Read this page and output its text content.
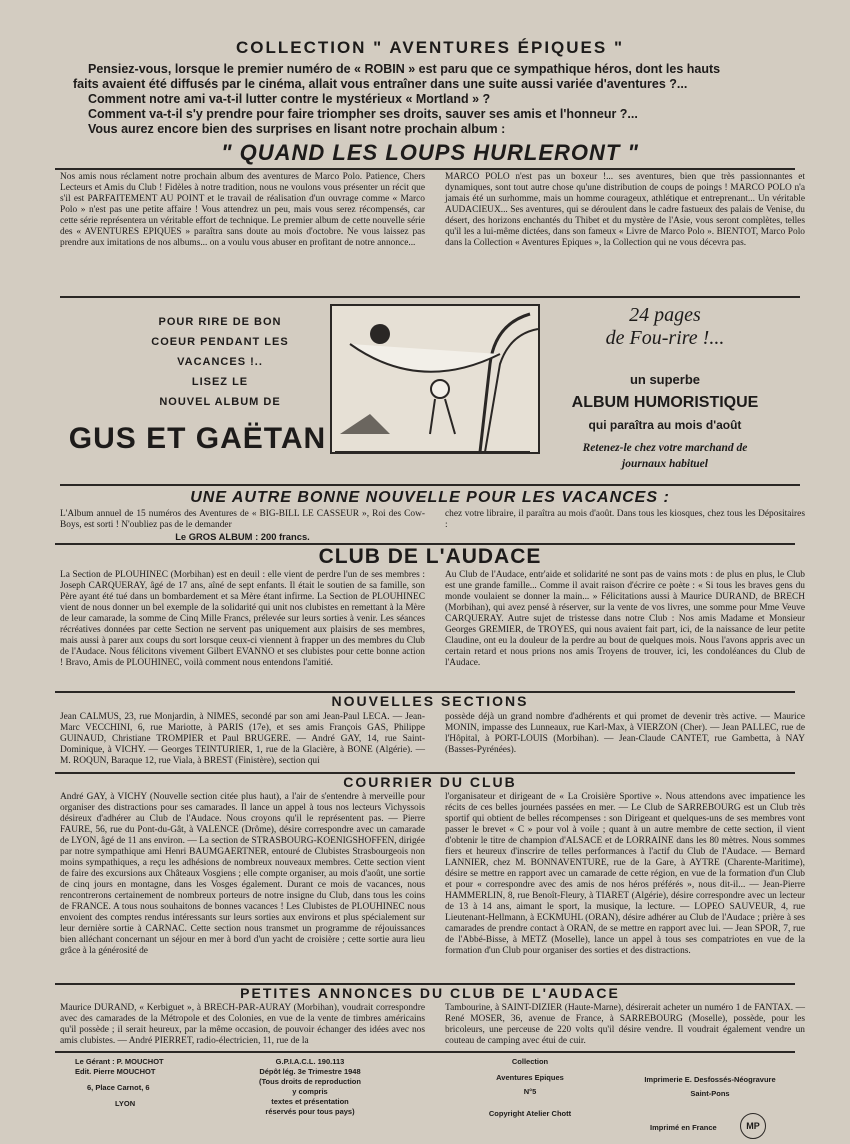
COLLECTION " AVENTURES ÉPIQUES "
Pensiez-vous, lorsque le premier numéro de « ROBIN » est paru que ce sympathique héros, dont les hauts
faits avaient été diffusés par le cinéma, allait vous entraîner dans une suite aussi variée d'aventures ?...
Comment notre ami va-t-il lutter contre le mystérieux « Mortland » ?
Comment va-t-il s'y prendre pour faire triompher ses droits, sauver ses amis et l'honneur ?...
Vous aurez encore bien des surprises en lisant notre prochain album :
" QUAND LES LOUPS HURLERONT "
Nos amis nous réclament notre prochain album des aventures de Marco Polo. Patience, Chers Lecteurs et Amis du Club ! Fidèles à notre tradition, nous ne voulons vous présenter un récit que s'il est PARFAITEMENT AU POINT et le travail de réalisation d'un ouvrage comme « Marco Polo » n'est pas une petite affaire ! Vous attendrez un peu, mais vous serez récompensés, car cette série représentera un véritable effort de technique. Le premier album de cette nouvelle série des « AVENTURES EPIQUES » paraîtra sans doute au mois d'octobre. Ne vous laissez pas prendre aux imitations de nos albums... on a voulu vous abuser en profitant de notre annonce...
MARCO POLO n'est pas un boxeur !... ses aventures, bien que très passionnantes et dynamiques, sont tout autre chose qu'une distribution de coups de poings ! MARCO POLO n'a jamais été un surhomme, mais un homme courageux, athlétique et entreprenant... Un véritable AUDACIEUX... Ses aventures, qui se déroulent dans le cadre fastueux des palais de Venise, du désert, des horizons enchantés du Thibet et du mystère de l'Asie, vous seront complètes, telles qu'il les a lui-même dictées, dans son fameux « Livre de Marco Polo ». BIENTOT, Marco Polo dans la Collection « Aventures Epiques », la Collection qui ne vous décevra pas.
POUR RIRE DE BON
COEUR PENDANT LES
VACANCES !..
LISEZ LE
NOUVEL ALBUM DE
GUS ET GAËTAN
24 pages
de Fou-rire !...
un superbe
ALBUM HUMORISTIQUE
qui paraîtra au mois d'août
Retenez-le chez votre marchand de journaux habituel
UNE AUTRE BONNE NOUVELLE POUR LES VACANCES :
L'Album annuel de 15 numéros des Aventures de « BIG-BILL LE CASSEUR », Roi des Cow-Boys, est sorti ! N'oubliez pas de le demander
Le GROS ALBUM : 200 francs.
chez votre libraire, il paraîtra au mois d'août. Dans tous les kiosques, chez tous les Dépositaires :
CLUB DE L'AUDACE
La Section de PLOUHINEC (Morbihan) est en deuil : elle vient de perdre l'un de ses membres : Joseph CARQUERAY, âgé de 17 ans, aîné de sept enfants. Il était le soutien de sa famille, son Père ayant été tué dans un bombardement et sa Mère étant infirme. La Section de PLOUHINEC vient de nous donner un bel exemple de la solidarité qui unit nos clubistes en remettant à la Mère de leur camarade, la somme de Cinq Mille Francs, prélevée sur leurs sorties à venir. Les séances récréatives données par cette Section ne servent pas uniquement aux plaisirs de ses membres, mais aussi à parer aux coups du sort lorsque ceux-ci viennent à frapper un des membres du Club de l'Audace. Nous félicitons vivement Gilbert EVANNO et ses clubistes pour cette bonne action ! Bravo, Amis de PLOUHINEC, voilà comment nous entendons l'amitié.
Au Club de l'Audace, entr'aide et solidarité ne sont pas de vains mots : de plus en plus, le Club est une grande famille... Comme il avait raison d'écrire ce poète : « Si tous les braves gens du monde voulaient se donner la main... » Félicitations aussi à Maurice DURAND, de BRECH (Morbihan), qui avez pensé à réserver, sur la vente de vos livres, une somme pour Mme Veuve CARQUERAY. Autre sujet de tristesse dans notre Club : Nos amis Madame et Monsieur Georges GREMIER, de TROYES, qui nous avaient fait part, ici, de la naissance de leur petite Claudine, ont eu la douleur de la perdre au bout de quelques mois. Nous l'avons appris avec un certain retard et nous prions nos amis Troyens de trouver, ici, les condoléances du Club de l'Audace.
NOUVELLES SECTIONS
Jean CALMUS, 23, rue Monjardin, à NIMES, secondé par son ami Jean-Paul LECA. — Jean-Marc VECCHINI, 6, rue Mariotte, à PARIS (17e), et ses amis François GAS, Philippe GUINAUD, Christiane TROMPIER et Paul BRUGERE. — André GAY, 14, rue Saint-Dominique, à VICHY. — Georges TEINTURIER, 1, rue de la Glacière, à BONE (Algérie). — M. ROQUN, Baraque 12, rue Viala, à BREST (Finistère), section qui
possède déjà un grand nombre d'adhérents et qui promet de devenir très active. — Maurice MONIN, impasse des Lunneaux, rue Karl-Max, à VIERZON (Cher). — Jean PALLEC, rue de l'Hôpital, à PORT-LOUIS (Morbihan). — Jean-Claude CANTET, rue Gambetta, à NAY (Basses-Pyrénées).
COURRIER DU CLUB
André GAY, à VICHY (Nouvelle section citée plus haut), a l'air de s'entendre à merveille pour organiser des distractions pour ses camarades. Il lance un appel à tous nos lecteurs Vichyssois désireux d'adhérer au Club de l'Audace. Nous croyons qu'il le représentent pas. — Pierre FAURE, 56, rue du Pont-du-Gât, à VALENCE (Drôme), désire correspondre avec un camarade de LYON, âgé de 11 ans environ. — La section de STRASBOURG-KOENIGSHOFFEN, dirigée par notre sympathique ami Henri BAUMGAERTNER, entouré de Clubistes Strasbourgeois non moins sympathiques, a reçu les adhésions de nombreux nouveaux membres. Cette section vient de faire des excursions aux Châteaux Vosgiens ; elle compte organiser, au mois d'août, une sortie de cinq jours en montagne, dans les Vosges également. Durant ce mois de vacances, nous rencontrerons certainement de nombreux porteurs de notre insigne du Club, dans tous les coins de FRANCE. A tous nous souhaitons de bonnes vacances ! Les Clubistes de PLOUHINEC nous envoient des comptes rendus intéressants sur leurs sorties aux environs et plus spécialement sur leur dernière sortie à CARNAC. Cette section nous transmet un programme de réjouissances bien alléchant concernant un séjour en mer à bord d'un yacht de croisière ; cette sortie aura lieu grâce à la générosité de
l'organisateur et dirigeant de « La Croisière Sportive ». Nous attendons avec impatience les récits de ces belles journées passées en mer. — Le Club de SARREBOURG est un Club très sportif qui obtient de belles récompenses : son Dirigeant et quelques-uns de ses membres vont passer le brevet « C » pour vol à voile ; quant à un autre membre de cette section, il vient d'obtenir le titre de champion d'ALSACE et de LORRAINE dans les 80 mètres. Nous sommes fiers et heureux d'inscrire de telles performances à l'actif du Club de l'Audace. — Bernard LANNIER, chez M. BONNAVENTURE, rue de la Gare, à AYTRE (Charente-Maritime), désire se mettre en rapport avec un camarade de cette région, en vue de la formation d'un Club et pour « correspondre avec des amis de nos héros préférés », nous dit-il... — Jean-Pierre HAMMERLIN, 8, rue Benoît-Fleury, à TIARET (Algérie), désire correspondre avec un lecteur de 13 à 14 ans, aimant le sport, la musique, la lecture. — LOPEO SAUVEUR, 4, rue Lieutenant-Hellmann, à ECKMUHL (ORAN), désire adhérer au Club de l'Audace ; prière à ses camarades de prendre contact à ORAN, de se mettre en rapport avec lui. — Jean SPOR, 7, rue de l'Abbé-Bisse, à METZ (Moselle), lance un appel à tous ses compatriotes en vue de la formation d'un Club pour organiser des sorties et des distractions.
PETITES ANNONCES DU CLUB DE L'AUDACE
Maurice DURAND, « Kerbiguet », à BRECH-PAR-AURAY (Morbihan), voudrait correspondre avec des camarades de la Métropole et des Colonies, en vue de la vente de timbres américains qu'il possède ; il serait heureux, par la même occasion, de pouvoir échanger des idées avec nos amis clubistes. — André PIERRET, radio-électricien, 11, rue de la
Tambourine, à SAINT-DIZIER (Haute-Marne), désirerait acheter un numéro 1 de FANTAX. — René MOSER, 36, avenue de France, à SARREBOURG (Moselle), possède, pour les bricoleurs, une perceuse de 220 volts qu'il désire vendre. Il voudrait également vendre un couteau de camping avec étui de cuir.
Le Gérant : P. MOUCHOT
Edit. Pierre MOUCHOT
6, Place Carnot, 6
LYON
G.P.I.A.C.L. 190.113
Dépôt lég. 3e Trimestre 1948
(Tous droits de reproduction
y compris
textes et présentation
réservés pour tous pays)
Collection
Aventures Epiques
N°5
Copyright Atelier Chott
Imprimerie E. Desfossés-Néogravure
Saint-Pons
Imprimé en France	MP
